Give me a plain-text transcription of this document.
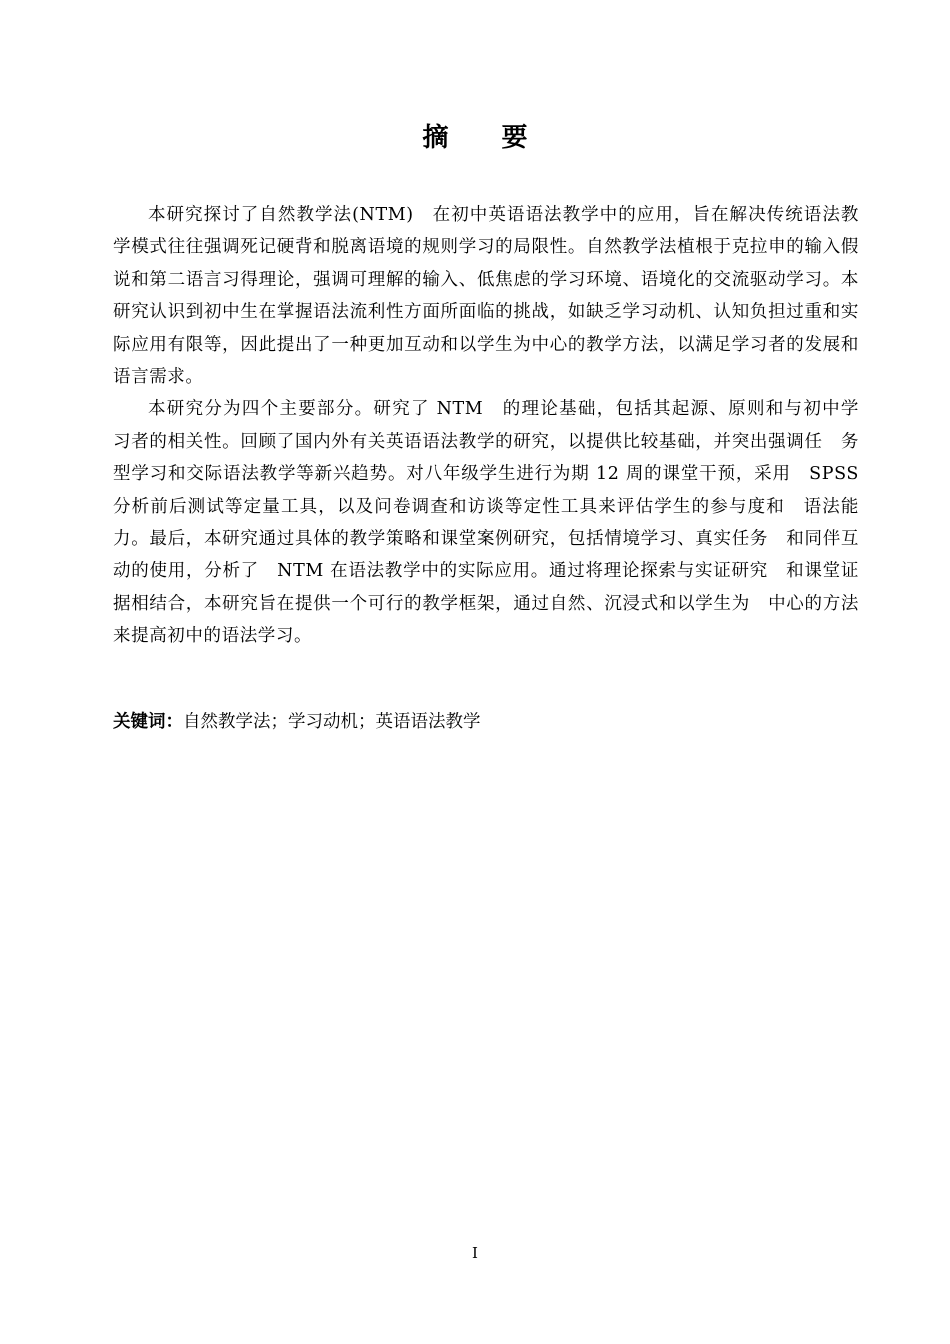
摘 要

本研究探讨了自然教学法(NTM)　在初中英语语法教学中的应用，旨在解决传统语法教学模式往往强调死记硬背和脱离语境的规则学习的局限性。自然教学法植根于克拉申的输入假说和第二语言习得理论，强调可理解的输入、低焦虑的学习环境、语境化的交流驱动学习。本研究认识到初中生在掌握语法流利性方面所面临的挑战，如缺乏学习动机、认知负担过重和实际应用有限等，因此提出了一种更加互动和以学生为中心的教学方法，以满足学习者的发展和语言需求。

本研究分为四个主要部分。研究了 NTM　的理论基础，包括其起源、原则和与初中学　习者的相关性。回顾了国内外有关英语语法教学的研究，以提供比较基础，并突出强调任　务型学习和交际语法教学等新兴趋势。对八年级学生进行为期 12 周的课堂干预，采用　SPSS　分析前后测试等定量工具，以及问卷调查和访谈等定性工具来评估学生的参与度和　语法能力。最后，本研究通过具体的教学策略和课堂案例研究，包括情境学习、真实任务　和同伴互动的使用，分析了　NTM 在语法教学中的实际应用。通过将理论探索与实证研究　和课堂证据相结合，本研究旨在提供一个可行的教学框架，通过自然、沉浸式和以学生为　中心的方法来提高初中的语法学习。

关键词：自然教学法；学习动机；英语语法教学
I
